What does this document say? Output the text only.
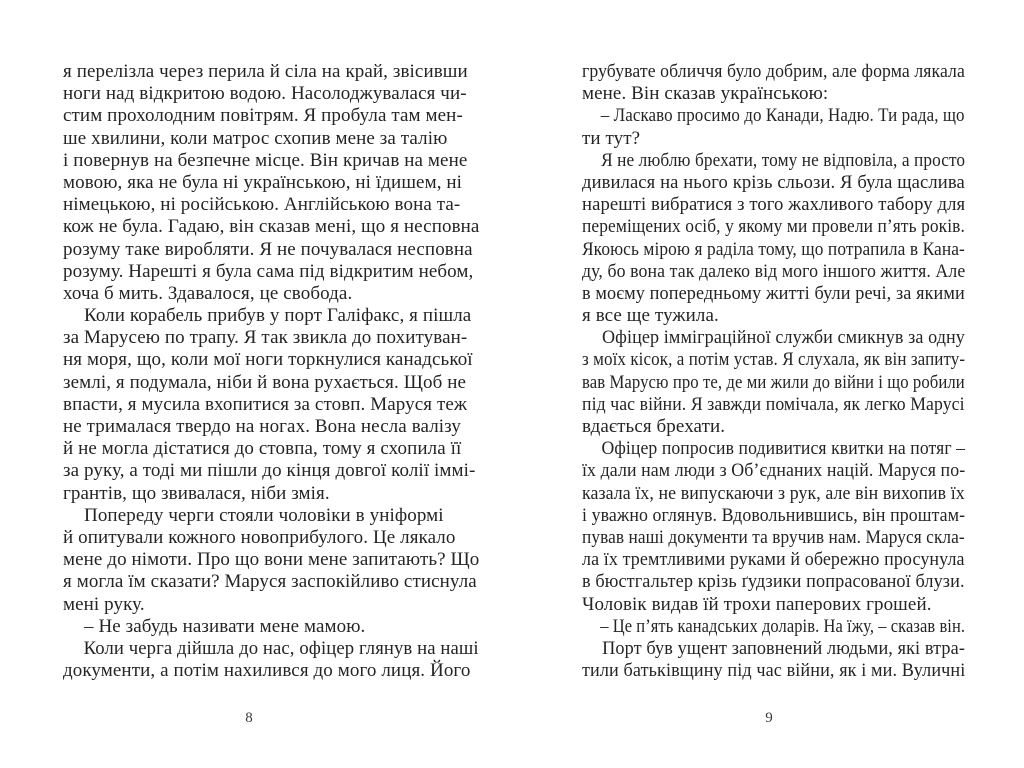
я перелізла через перила й сіла на край, звісивши
ноги над відкритою водою. Насолоджувалася чи-
стим прохолодним повітрям. Я пробула там мен-
ше хвилини, коли матрос схопив мене за талію
і повернув на безпечне місце. Він кричав на мене
мовою, яка не була ні українською, ні їдишем, ні
німецькою, ні російською. Англійською вона та-
кож не була. Гадаю, він сказав мені, що я несповна
розуму таке виробляти. Я не почувалася несповна
розуму. Нарешті я була сама під відкритим небом,
хоча б мить. Здавалося, це свобода.
Коли корабель прибув у порт Галіфакс, я пішла
за Марусею по трапу. Я так звикла до похитуван-
ня моря, що, коли мої ноги торкнулися канадської
землі, я подумала, ніби й вона рухається. Щоб не
впасти, я мусила вхопитися за стовп. Маруся теж
не трималася твердо на ногах. Вона несла валізу
й не могла дістатися до стовпа, тому я схопила її
за руку, а тоді ми пішли до кінця довгої колії іммі-
грантів, що звивалася, ніби змія.
Попереду черги стояли чоловіки в уніформі
й опитували кожного новоприбулого. Це лякало
мене до німоти. Про що вони мене запитають? Що
я могла їм сказати? Маруся заспокійливо стиснула
мені руку.
– Не забудь називати мене мамою.
Коли черга дійшла до нас, офіцер глянув на наші
документи, а потім нахилився до мого лиця. Його
грубувате обличчя було добрим, але форма лякала
мене. Він сказав українською:
– Ласкаво просимо до Канади, Надю. Ти рада, що
ти тут?
Я не люблю брехати, тому не відповіла, а просто
дивилася на нього крізь сльози. Я була щаслива
нарешті вибратися з того жахливого табору для
переміщених осіб, у якому ми провели п’ять років.
Якоюсь мірою я раділа тому, що потрапила в Кана-
ду, бо вона так далеко від мого іншого життя. Але
в моєму попередньому житті були речі, за якими
я все ще тужила.
Офіцер імміграційної служби смикнув за одну
з моїх кісок, а потім устав. Я слухала, як він запиту-
вав Марусю про те, де ми жили до війни і що робили
під час війни. Я завжди помічала, як легко Марусі
вдається брехати.
Офіцер попросив подивитися квитки на потяг –
їх дали нам люди з Об’єднаних націй. Маруся по-
казала їх, не випускаючи з рук, але він вихопив їх
і уважно оглянув. Вдовольнившись, він проштам-
пував наші документи та вручив нам. Маруся скла-
ла їх тремтливими руками й обережно просунула
в бюстгальтер крізь ґудзики попрасованої блузи.
Чоловік видав їй трохи паперових грошей.
– Це п’ять канадських доларів. На їжу, – сказав він.
Порт був ущент заповнений людьми, які втра-
тили батьківщину під час війни, як і ми. Вуличні
8	9
